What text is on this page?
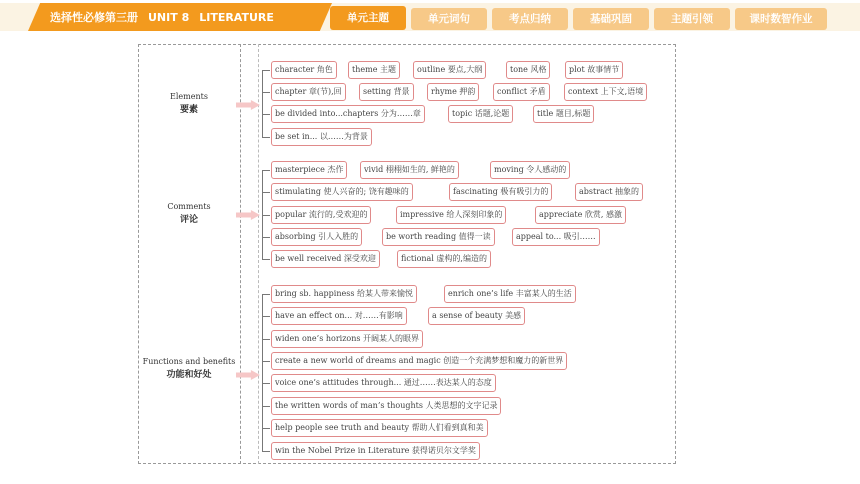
选择性必修第三册 UNIT 8 LITERATURE	单元主题	单元词句	考点归纳	基础巩固	主题引领	课时数智作业
Elements
要素
Comments
评论
Functions and benefits
功能和好处
character 角色	theme 主题	outline 要点,大纲	tone 风格	plot 故事情节
chapter 章(节),回	setting 背景	rhyme 押韵	conflict 矛盾	context 上下文,语境
be divided into...chapters 分为……章	topic 话题,论题	title 题目,标题
be set in... 以……为背景
masterpiece 杰作	vivid 栩栩如生的, 鲜艳的	moving 令人感动的
stimulating 使人兴奋的; 饶有趣味的	fascinating 极有吸引力的	abstract 抽象的
popular 流行的,受欢迎的	impressive 给人深刻印象的	appreciate 欣赏, 感激
absorbing 引人入胜的	be worth reading 值得一读	appeal to... 吸引……
be well received 深受欢迎	fictional 虚构的,编造的
bring sb. happiness 给某人带来愉悦	enrich one’s life 丰富某人的生活
have an effect on... 对……有影响	a sense of beauty 美感
widen one’s horizons 开阔某人的眼界
create a new world of dreams and magic 创造一个充满梦想和魔力的新世界
voice one’s attitudes through... 通过……表达某人的态度
the written words of man’s thoughts 人类思想的文字记录
help people see truth and beauty 帮助人们看到真和美
win the Nobel Prize in Literature 获得诺贝尔文学奖
